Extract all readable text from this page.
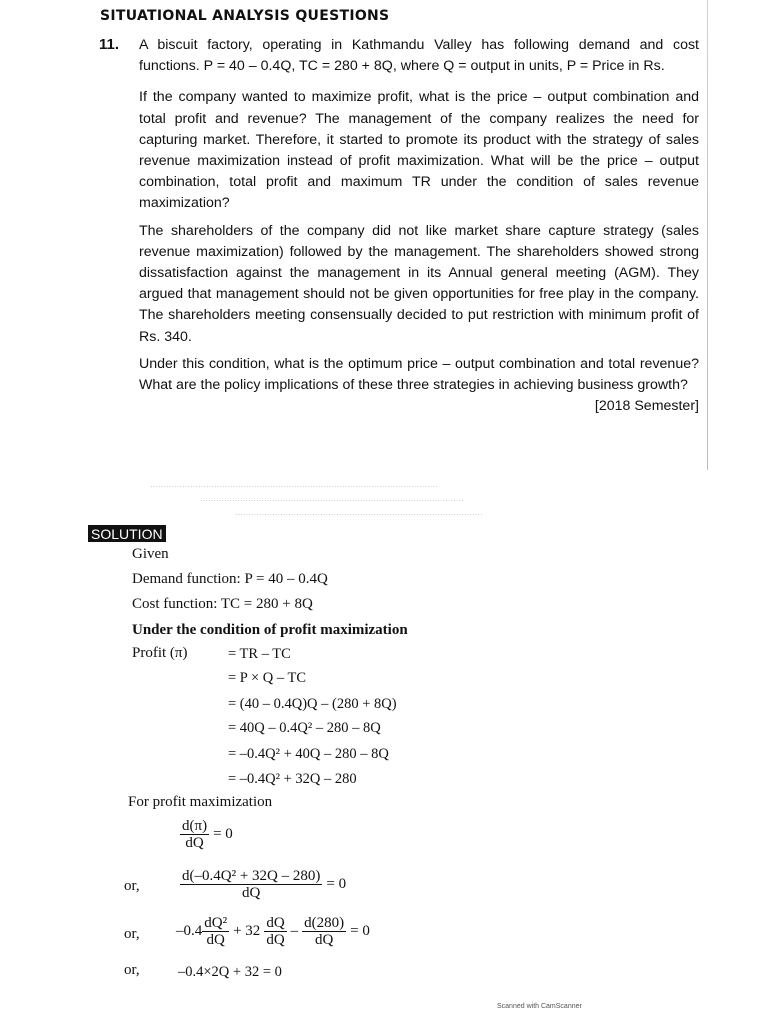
SITUATIONAL ANALYSIS QUESTIONS
11. A biscuit factory, operating in Kathmandu Valley has following demand and cost functions. P = 40 – 0.4Q, TC = 280 + 8Q, where Q = output in units, P = Price in Rs.

If the company wanted to maximize profit, what is the price – output combination and total profit and revenue? The management of the company realizes the need for capturing market. Therefore, it started to promote its product with the strategy of sales revenue maximization instead of profit maximization. What will be the price – output combination, total profit and maximum TR under the condition of sales revenue maximization?

The shareholders of the company did not like market share capture strategy (sales revenue maximization) followed by the management. The shareholders showed strong dissatisfaction against the management in its Annual general meeting (AGM). They argued that management should not be given opportunities for free play in the company. The shareholders meeting consensually decided to put restriction with minimum profit of Rs. 340.

Under this condition, what is the optimum price – output combination and total revenue? What are the policy implications of these three strategies in achieving business growth?
[2018 Semester]

············································································································
···································································································
·····························································································
SOLUTION
Given
Demand function: P = 40 – 0.4Q
Cost function: TC = 280 + 8Q
Under the condition of profit maximization
Profit (π)	= TR – TC
= P × Q – TC
= (40 – 0.4Q)Q – (280 + 8Q)
= 40Q – 0.4Q² – 280 – 8Q
= –0.4Q² + 40Q – 280 – 8Q
= –0.4Q² + 32Q – 280
For profit maximization
$\frac{d(\pi)}{dQ} = 0$
or,	$\frac{\text{d(–0.4Q² + 32Q – 280)}}{dQ} = 0$
or, $-0.4 \frac{\text{dQ²}}{dQ} + 32 \frac{dQ}{dQ} - \frac{d(280)}{dQ} = 0$
or,	–0.4×2Q + 32 = 0
Scanned with CamScanner
